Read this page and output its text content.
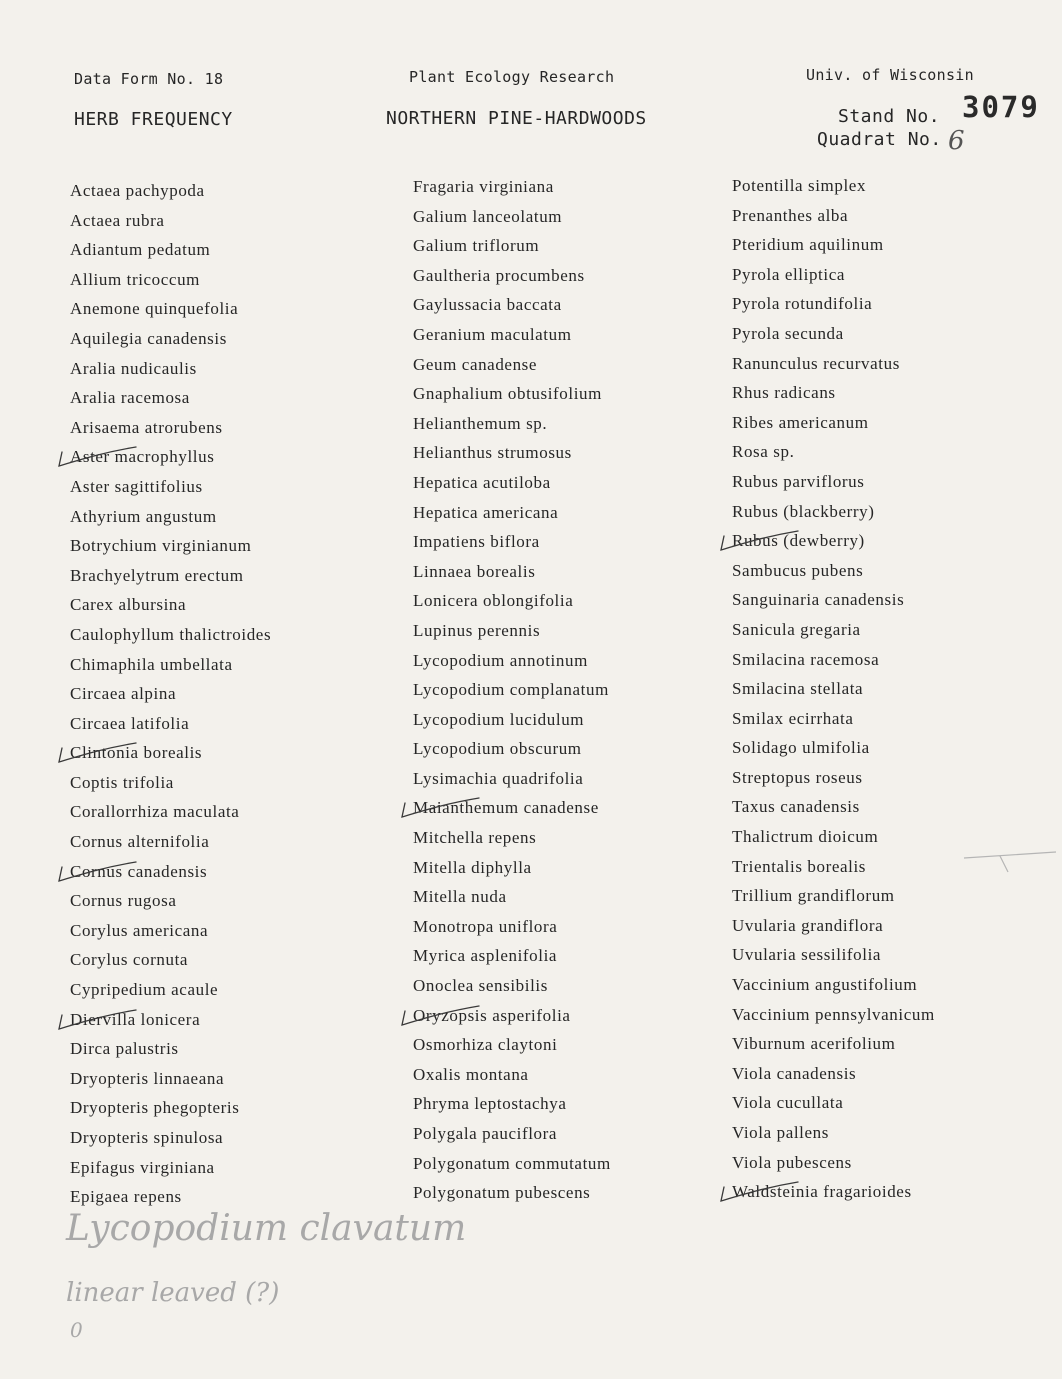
Data Form No. 18	Plant Ecology Research	Univ. of Wisconsin
HERB FREQUENCY	NORTHERN PINE-HARDWOODS	Stand No. 3079
Quadrat No. 6
Actaea pachypoda
Actaea rubra
Adiantum pedatum
Allium tricoccum
Anemone quinquefolia
Aquilegia canadensis
Aralia nudicaulis
Aralia racemosa
Arisaema atrorubens
Aster macrophyllus
Aster sagittifolius
Athyrium angustum
Botrychium virginianum
Brachyelytrum erectum
Carex albursina
Caulophyllum thalictroides
Chimaphila umbellata
Circaea alpina
Circaea latifolia
Clintonia borealis
Coptis trifolia
Corallorrhiza maculata
Cornus alternifolia
Cornus canadensis
Cornus rugosa
Corylus americana
Corylus cornuta
Cypripedium acaule
Diervilla lonicera
Dirca palustris
Dryopteris linnaeana
Dryopteris phegopteris
Dryopteris spinulosa
Epifagus virginiana
Epigaea repens
Fragaria virginiana
Galium lanceolatum
Galium triflorum
Gaultheria procumbens
Gaylussacia baccata
Geranium maculatum
Geum canadense
Gnaphalium obtusifolium
Helianthemum sp.
Helianthus strumosus
Hepatica acutiloba
Hepatica americana
Impatiens biflora
Linnaea borealis
Lonicera oblongifolia
Lupinus perennis
Lycopodium annotinum
Lycopodium complanatum
Lycopodium lucidulum
Lycopodium obscurum
Lysimachia quadrifolia
Maianthemum canadense
Mitchella repens
Mitella diphylla
Mitella nuda
Monotropa uniflora
Myrica asplenifolia
Onoclea sensibilis
Oryzopsis asperifolia
Osmorhiza claytoni
Oxalis montana
Phryma leptostachya
Polygala pauciflora
Polygonatum commutatum
Polygonatum pubescens
Potentilla simplex
Prenanthes alba
Pteridium aquilinum
Pyrola elliptica
Pyrola rotundifolia
Pyrola secunda
Ranunculus recurvatus
Rhus radicans
Ribes americanum
Rosa sp.
Rubus parviflorus
Rubus (blackberry)
Rubus (dewberry)
Sambucus pubens
Sanguinaria canadensis
Sanicula gregaria
Smilacina racemosa
Smilacina stellata
Smilax ecirrhata
Solidago ulmifolia
Streptopus roseus
Taxus canadensis
Thalictrum dioicum
Trientalis borealis
Trillium grandiflorum
Uvularia grandiflora
Uvularia sessilifolia
Vaccinium angustifolium
Vaccinium pennsylvanicum
Viburnum acerifolium
Viola canadensis
Viola cucullata
Viola pallens
Viola pubescens
Waldsteinia fragarioides
Lycopodium clavatum
linear leaved (?)
0
